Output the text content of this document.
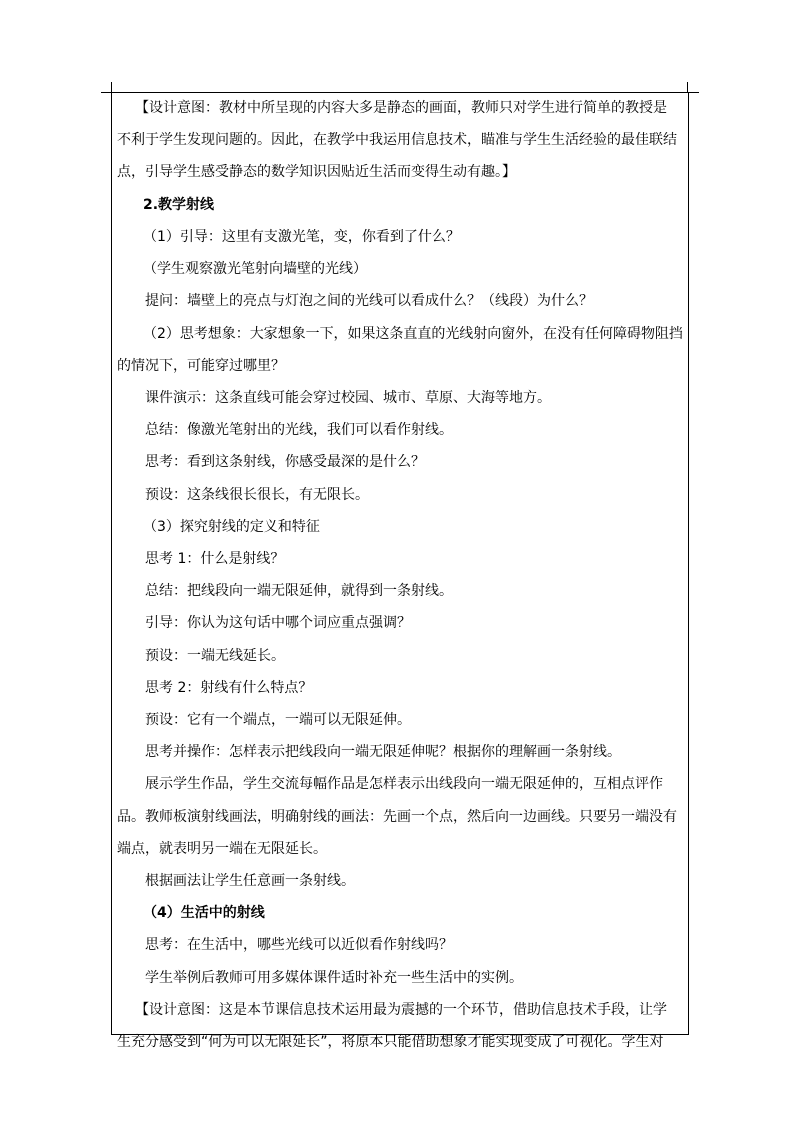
【设计意图：教材中所呈现的内容大多是静态的画面，教师只对学生进行简单的教授是
不利于学生发现问题的。因此，在教学中我运用信息技术，瞄准与学生生活经验的最佳联结
点，引导学生感受静态的数学知识因贴近生活而变得生动有趣。】
2.教学射线
（1）引导：这里有支激光笔，变，你看到了什么？
（学生观察激光笔射向墙壁的光线）
提问：墙壁上的亮点与灯泡之间的光线可以看成什么？（线段）为什么？
（2）思考想象：大家想象一下，如果这条直直的光线射向窗外，在没有任何障碍物阻挡
的情况下，可能穿过哪里？
课件演示：这条直线可能会穿过校园、城市、草原、大海等地方。
总结：像激光笔射出的光线，我们可以看作射线。
思考：看到这条射线，你感受最深的是什么？
预设：这条线很长很长，有无限长。
（3）探究射线的定义和特征
思考 1：什么是射线？
总结：把线段向一端无限延伸，就得到一条射线。
引导：你认为这句话中哪个词应重点强调？
预设：一端无线延长。
思考 2：射线有什么特点？
预设：它有一个端点，一端可以无限延伸。
思考并操作：怎样表示把线段向一端无限延伸呢？根据你的理解画一条射线。
展示学生作品，学生交流每幅作品是怎样表示出线段向一端无限延伸的，互相点评作
品。教师板演射线画法，明确射线的画法：先画一个点，然后向一边画线。只要另一端没有
端点，就表明另一端在无限延长。
根据画法让学生任意画一条射线。
（4）生活中的射线
思考：在生活中，哪些光线可以近似看作射线吗？
学生举例后教师可用多媒体课件适时补充一些生活中的实例。
【设计意图：这是本节课信息技术运用最为震撼的一个环节，借助信息技术手段，让学
生充分感受到“何为可以无限延长”，将原本只能借助想象才能实现变成了可视化。学生对
